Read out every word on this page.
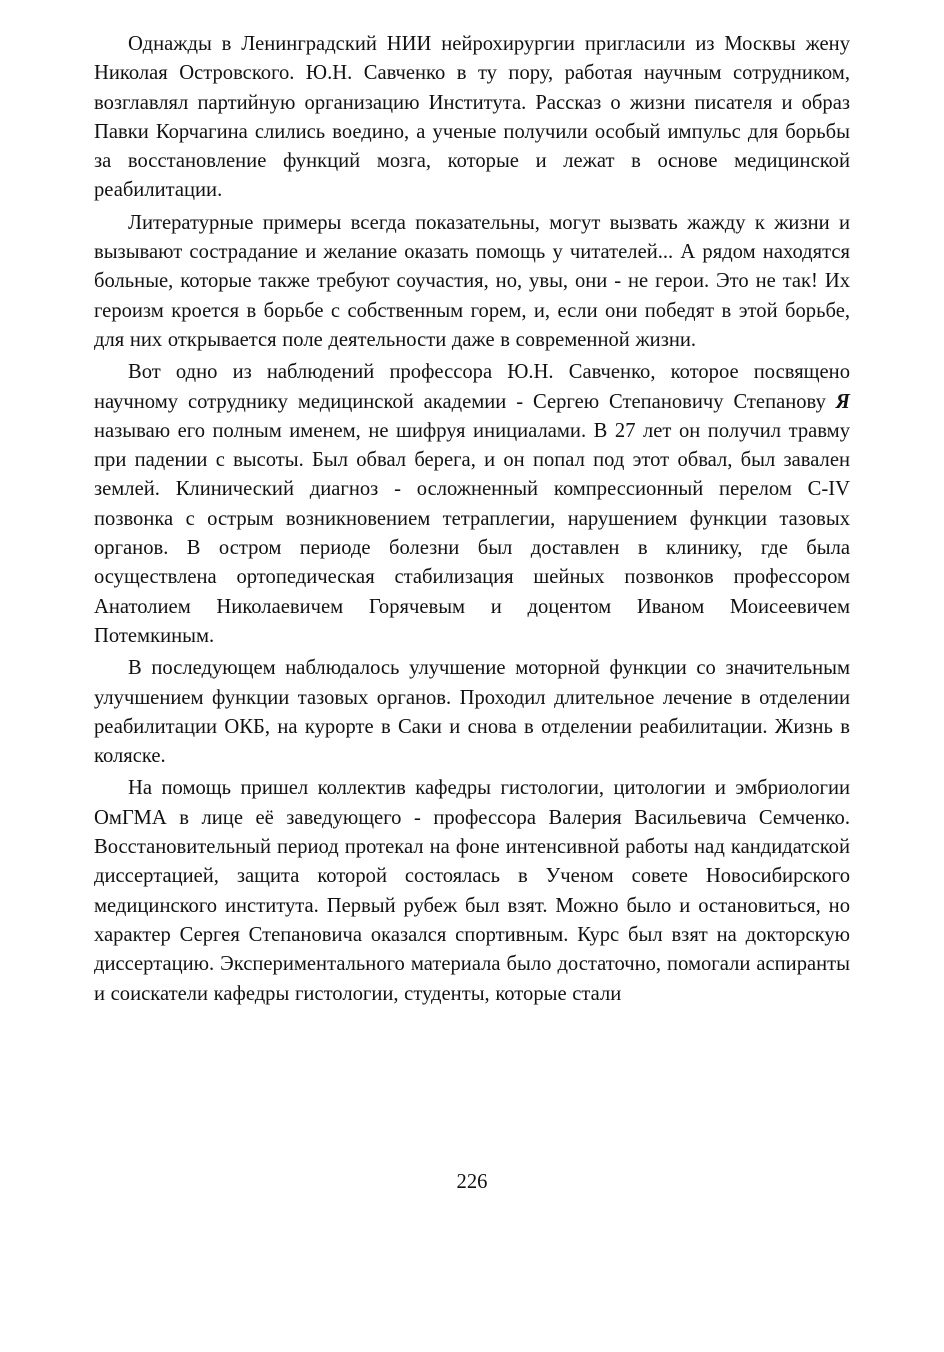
Однажды в Ленинградский НИИ нейрохирургии пригласили из Москвы жену Николая Островского. Ю.Н. Савченко в ту пору, работая научным сотрудником, возглавлял партийную организацию Института. Рассказ о жизни писателя и образ Павки Корчагина слились воедино, а ученые получили особый импульс для борьбы за восстановление функций мозга, которые и лежат в основе медицинской реабилитации.

Литературные примеры всегда показательны, могут вызвать жажду к жизни и вызывают сострадание и желание оказать помощь у читателей... А рядом находятся больные, которые также требуют соучастия, но, увы, они - не герои. Это не так! Их героизм кроется в борьбе с собственным горем, и, если они победят в этой борьбе, для них открывается поле деятельности даже в современной жизни.

Вот одно из наблюдений профессора Ю.Н. Савченко, которое посвящено научному сотруднику медицинской академии - Сергею Степановичу Степанову Я называю его полным именем, не шифруя инициалами. В 27 лет он получил травму при падении с высоты. Был обвал берега, и он попал под этот обвал, был завален землей. Клинический диагноз - осложненный компрессионный перелом C-IV позвонка с острым возникновением тетраплегии, нарушением функции тазовых органов. В остром периоде болезни был доставлен в клинику, где была осуществлена ортопедическая стабилизация шейных позвонков профессором Анатолием Николаевичем Горячевым и доцентом Иваном Моисеевичем Потемкиным.

В последующем наблюдалось улучшение моторной функции со значительным улучшением функции тазовых органов. Проходил длительное лечение в отделении реабилитации ОКБ, на курорте в Саки и снова в отделении реабилитации. Жизнь в коляске.

На помощь пришел коллектив кафедры гистологии, цитологии и эмбриологии ОмГМА в лице её заведующего - профессора Валерия Васильевича Семченко. Восстановительный период протекал на фоне интенсивной работы над кандидатской диссертацией, защита которой состоялась в Ученом совете Новосибирского медицинского института. Первый рубеж был взят. Можно было и остановиться, но характер Сергея Степановича оказался спортивным. Курс был взят на докторскую диссертацию. Экспериментального материала было достаточно, помогали аспиранты и соискатели кафедры гистологии, студенты, которые стали

226
